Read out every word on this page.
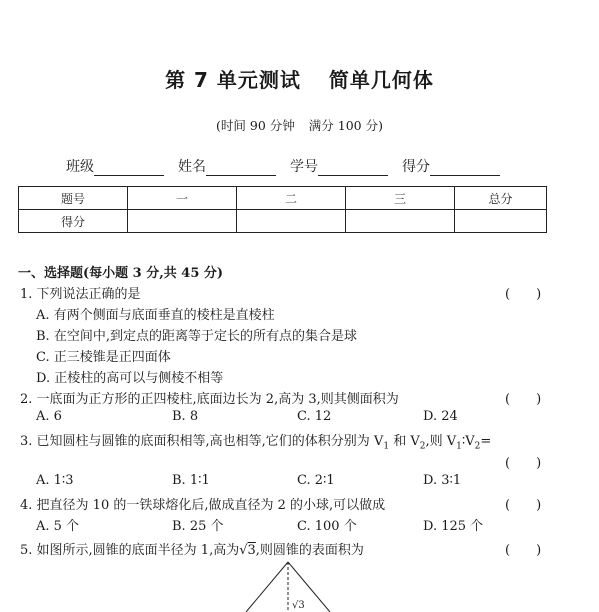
第 7 单元测试 简单几何体
(时间 90 分钟 满分 100 分)
班级	姓名	学号	得分
题号	一	二	三	总分
得分				
一、选择题(每小题 3 分,共 45 分)
1. 下列说法正确的是	(　　)
A. 有两个侧面与底面垂直的棱柱是直棱柱
B. 在空间中,到定点的距离等于定长的所有点的集合是球
C. 正三棱锥是正四面体
D. 正棱柱的高可以与侧棱不相等
2. 一底面为正方形的正四棱柱,底面边长为 2,高为 3,则其侧面积为	(　　)
A. 6	B. 8	C. 12	D. 24
3. 已知圆柱与圆锥的底面积相等,高也相等,它们的体积分别为 $V_1$ 和 $V_2$,则 $V_1∶V_2=$
(　　)
A. 1∶3	B. 1∶1	C. 2∶1	D. 3∶1
4. 把直径为 10 的一铁球熔化后,做成直径为 2 的小球,可以做成	(　　)
A. 5 个	B. 25 个	C. 100 个	D. 125 个
5. 如图所示,圆锥的底面半径为 1,高为√3,则圆锥的表面积为	(　　)
√3
